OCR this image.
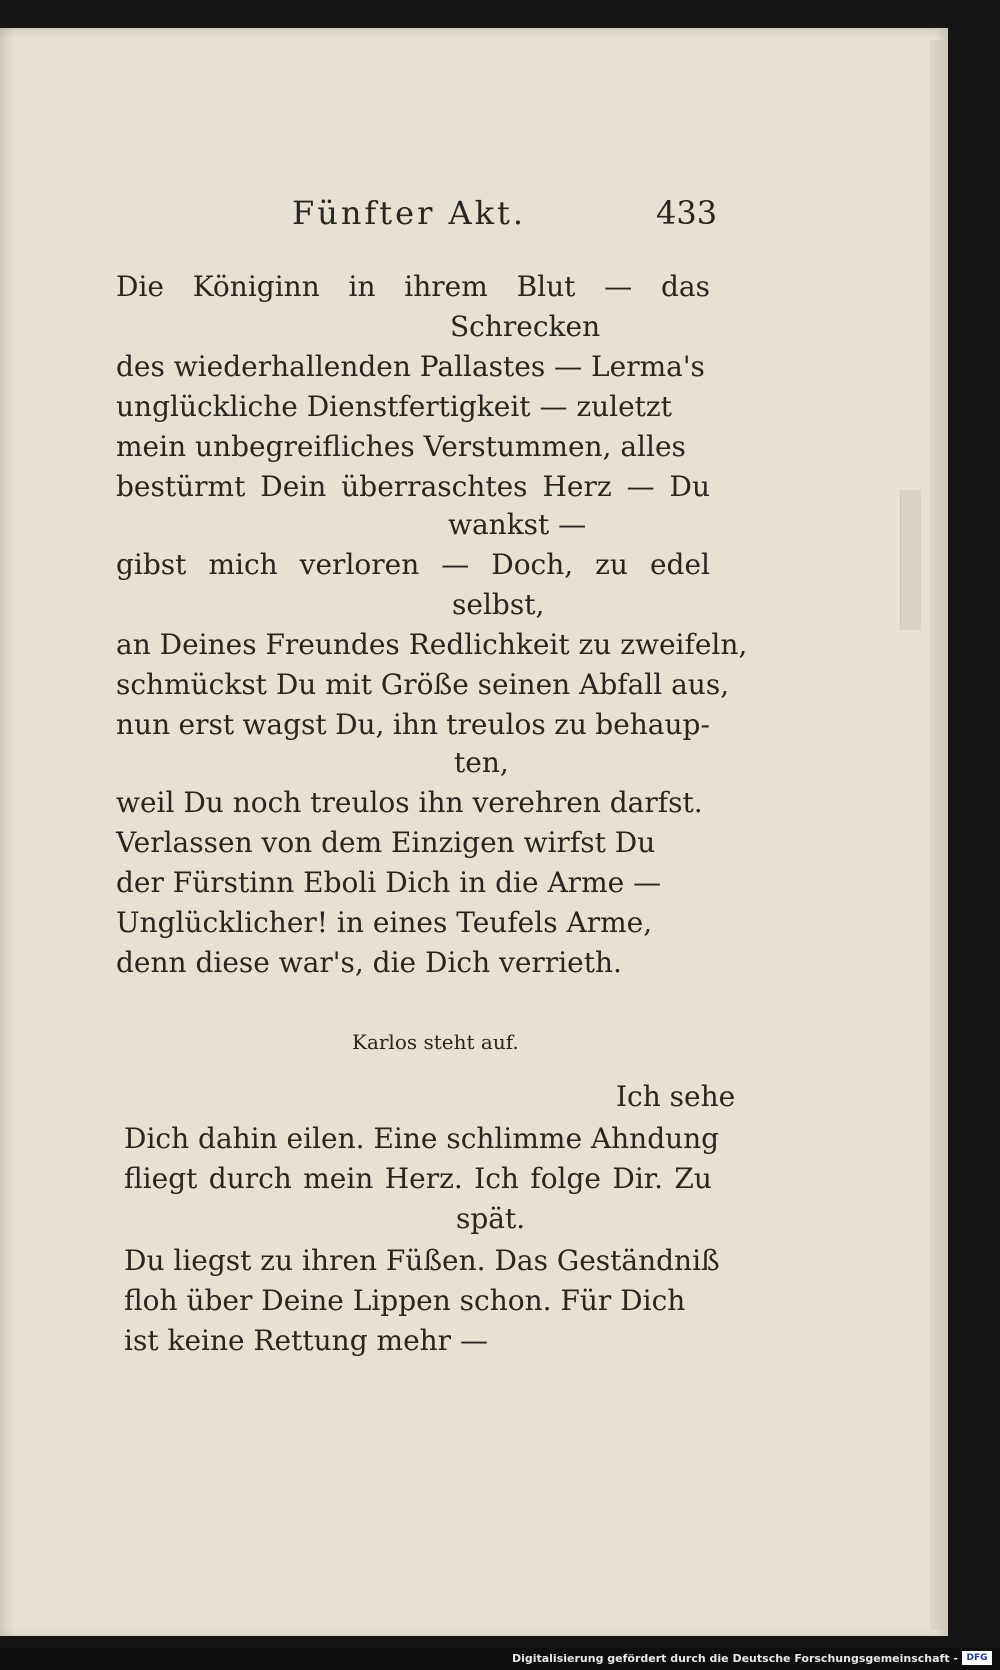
Fünfter Akt.	433
Die Königinn in ihrem Blut — das
Schrecken
des wiederhallenden Pallastes — Lerma's
unglückliche Dienstfertigkeit — zuletzt
mein unbegreifliches Verstummen, alles
bestürmt Dein überraschtes Herz — Du
wankst —
gibst mich verloren — Doch, zu edel
selbst,
an Deines Freundes Redlichkeit zu zweifeln,
schmückst Du mit Größe seinen Abfall aus,
nun erst wagst Du, ihn treulos zu behaup-
ten,
weil Du noch treulos ihn verehren darfst.
Verlassen von dem Einzigen wirfst Du
der Fürstinn Eboli Dich in die Arme —
Unglücklicher! in eines Teufels Arme,
denn diese war's, die Dich verrieth.
Karlos steht auf.
Ich sehe
Dich dahin eilen. Eine schlimme Ahndung
fliegt durch mein Herz. Ich folge Dir. Zu
spät.
Du liegst zu ihren Füßen. Das Geständniß
floh über Deine Lippen schon. Für Dich
ist keine Rettung mehr —
Digitalisierung gefördert durch die Deutsche Forschungsgemeinschaft - DFG
